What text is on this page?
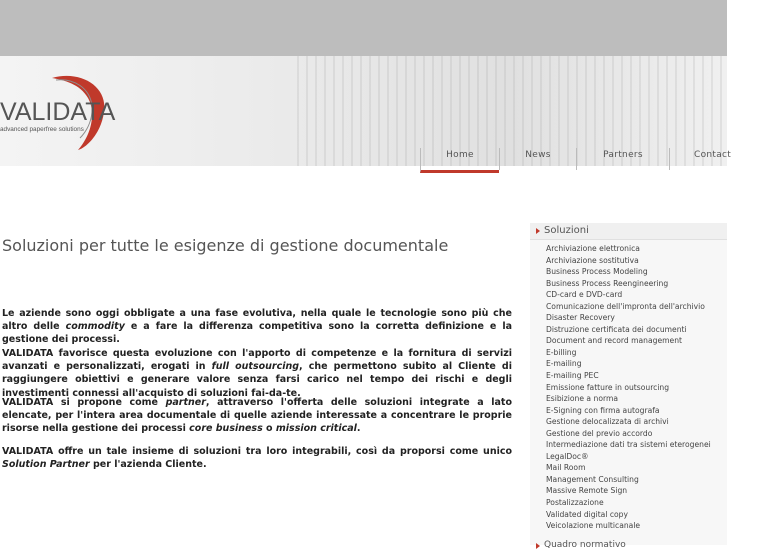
VALIDATA
advanced paperfree solutions
Home	News	Partners	Contact
Soluzioni per tutte le esigenze di gestione documentale
Le aziende sono oggi obbligate a una fase evolutiva, nella quale le tecnologie sono più che altro delle commodity e a fare la differenza competitiva sono la corretta definizione e la gestione dei processi.
VALIDATA favorisce questa evoluzione con l'apporto di competenze e la fornitura di servizi avanzati e personalizzati, erogati in full outsourcing, che permettono subito al Cliente di raggiungere obiettivi e generare valore senza farsi carico nel tempo dei rischi e degli investimenti connessi all'acquisto di soluzioni fai-da-te.
VALIDATA si propone come partner, attraverso l'offerta delle soluzioni integrate a lato elencate, per l'intera area documentale di quelle aziende interessate a concentrare le proprie risorse nella gestione dei processi core business o mission critical.
VALIDATA offre un tale insieme di soluzioni tra loro integrabili, così da proporsi come unico Solution Partner per l'azienda Cliente.
Soluzioni
Archiviazione elettronica
Archiviazione sostitutiva
Business Process Modeling
Business Process Reengineering
CD-card e DVD-card
Comunicazione dell'impronta dell'archivio
Disaster Recovery
Distruzione certificata dei documenti
Document and record management
E-billing
E-mailing
E-mailing PEC
Emissione fatture in outsourcing
Esibizione a norma
E-Signing con firma autografa
Gestione delocalizzata di archivi
Gestione del previo accordo
Intermediazione dati tra sistemi eterogenei
LegalDoc®
Mail Room
Management Consulting
Massive Remote Sign
Postalizzazione
Validated digital copy
Veicolazione multicanale
Quadro normativo
